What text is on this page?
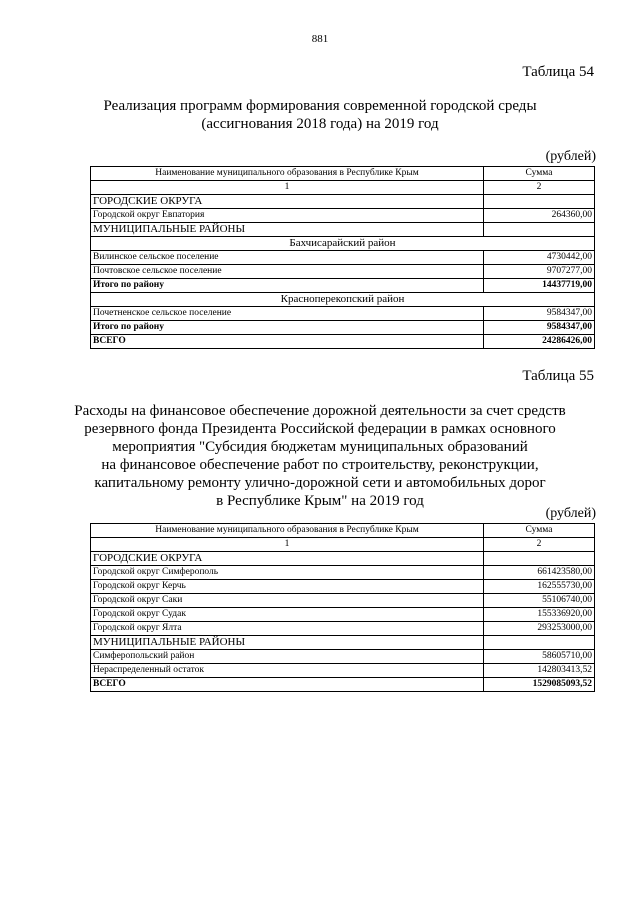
881
Таблица 54
Реализация программ формирования современной городской среды
(ассигнования 2018 года) на 2019 год
(рублей)
Наименование муниципального образования в Республике Крым	Сумма
1	2
ГОРОДСКИЕ ОКРУГА	
Городской округ Евпатория	264360,00
МУНИЦИПАЛЬНЫЕ РАЙОНЫ	
Бахчисарайский район	
Вилинское сельское поселение	4730442,00
Почтовское сельское поселение	9707277,00
Итого по району	14437719,00
Красноперекопский район	
Почетненское сельское поселение	9584347,00
Итого по району	9584347,00
ВСЕГО	24286426,00
Таблица 55
Расходы на финансовое обеспечение дорожной деятельности за счет средств
резервного фонда Президента Российской федерации в рамках основного
мероприятия "Субсидия бюджетам муниципальных образований
на финансовое обеспечение работ по строительству, реконструкции,
капитальному ремонту улично-дорожной сети и автомобильных дорог
в Республике Крым" на 2019 год
(рублей)
Наименование муниципального образования в Республике Крым	Сумма
1	2
ГОРОДСКИЕ ОКРУГА	
Городской округ Симферополь	661423580,00
Городской округ Керчь	162555730,00
Городской округ Саки	55106740,00
Городской округ Судак	155336920,00
Городской округ Ялта	293253000,00
МУНИЦИПАЛЬНЫЕ РАЙОНЫ	
Симферопольский район	58605710,00
Нераспределенный остаток	142803413,52
ВСЕГО	1529085093,52
